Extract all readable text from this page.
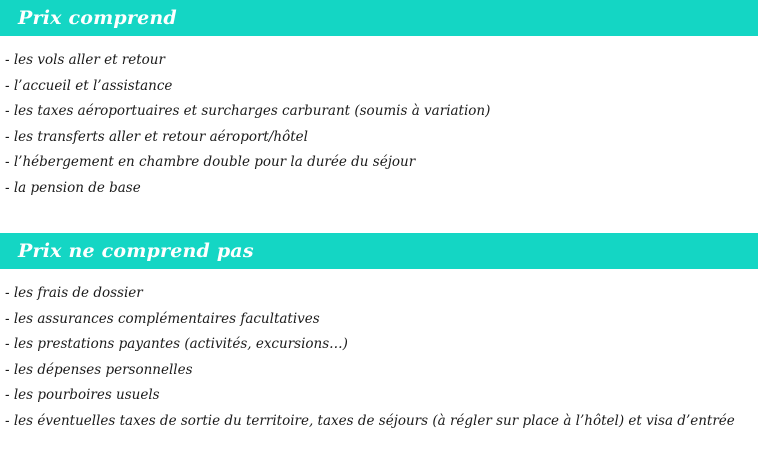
Prix comprend
- les vols aller et retour
- l’accueil et l’assistance
- les taxes aéroportuaires et surcharges carburant (soumis à variation)
- les transferts aller et retour aéroport/hôtel
- l’hébergement en chambre double pour la durée du séjour
- la pension de base
Prix ne comprend pas
- les frais de dossier
- les assurances complémentaires facultatives
- les prestations payantes (activités, excursions…)
- les dépenses personnelles
- les pourboires usuels
- les éventuelles taxes de sortie du territoire, taxes de séjours (à régler sur place à l’hôtel) et visa d’entrée
